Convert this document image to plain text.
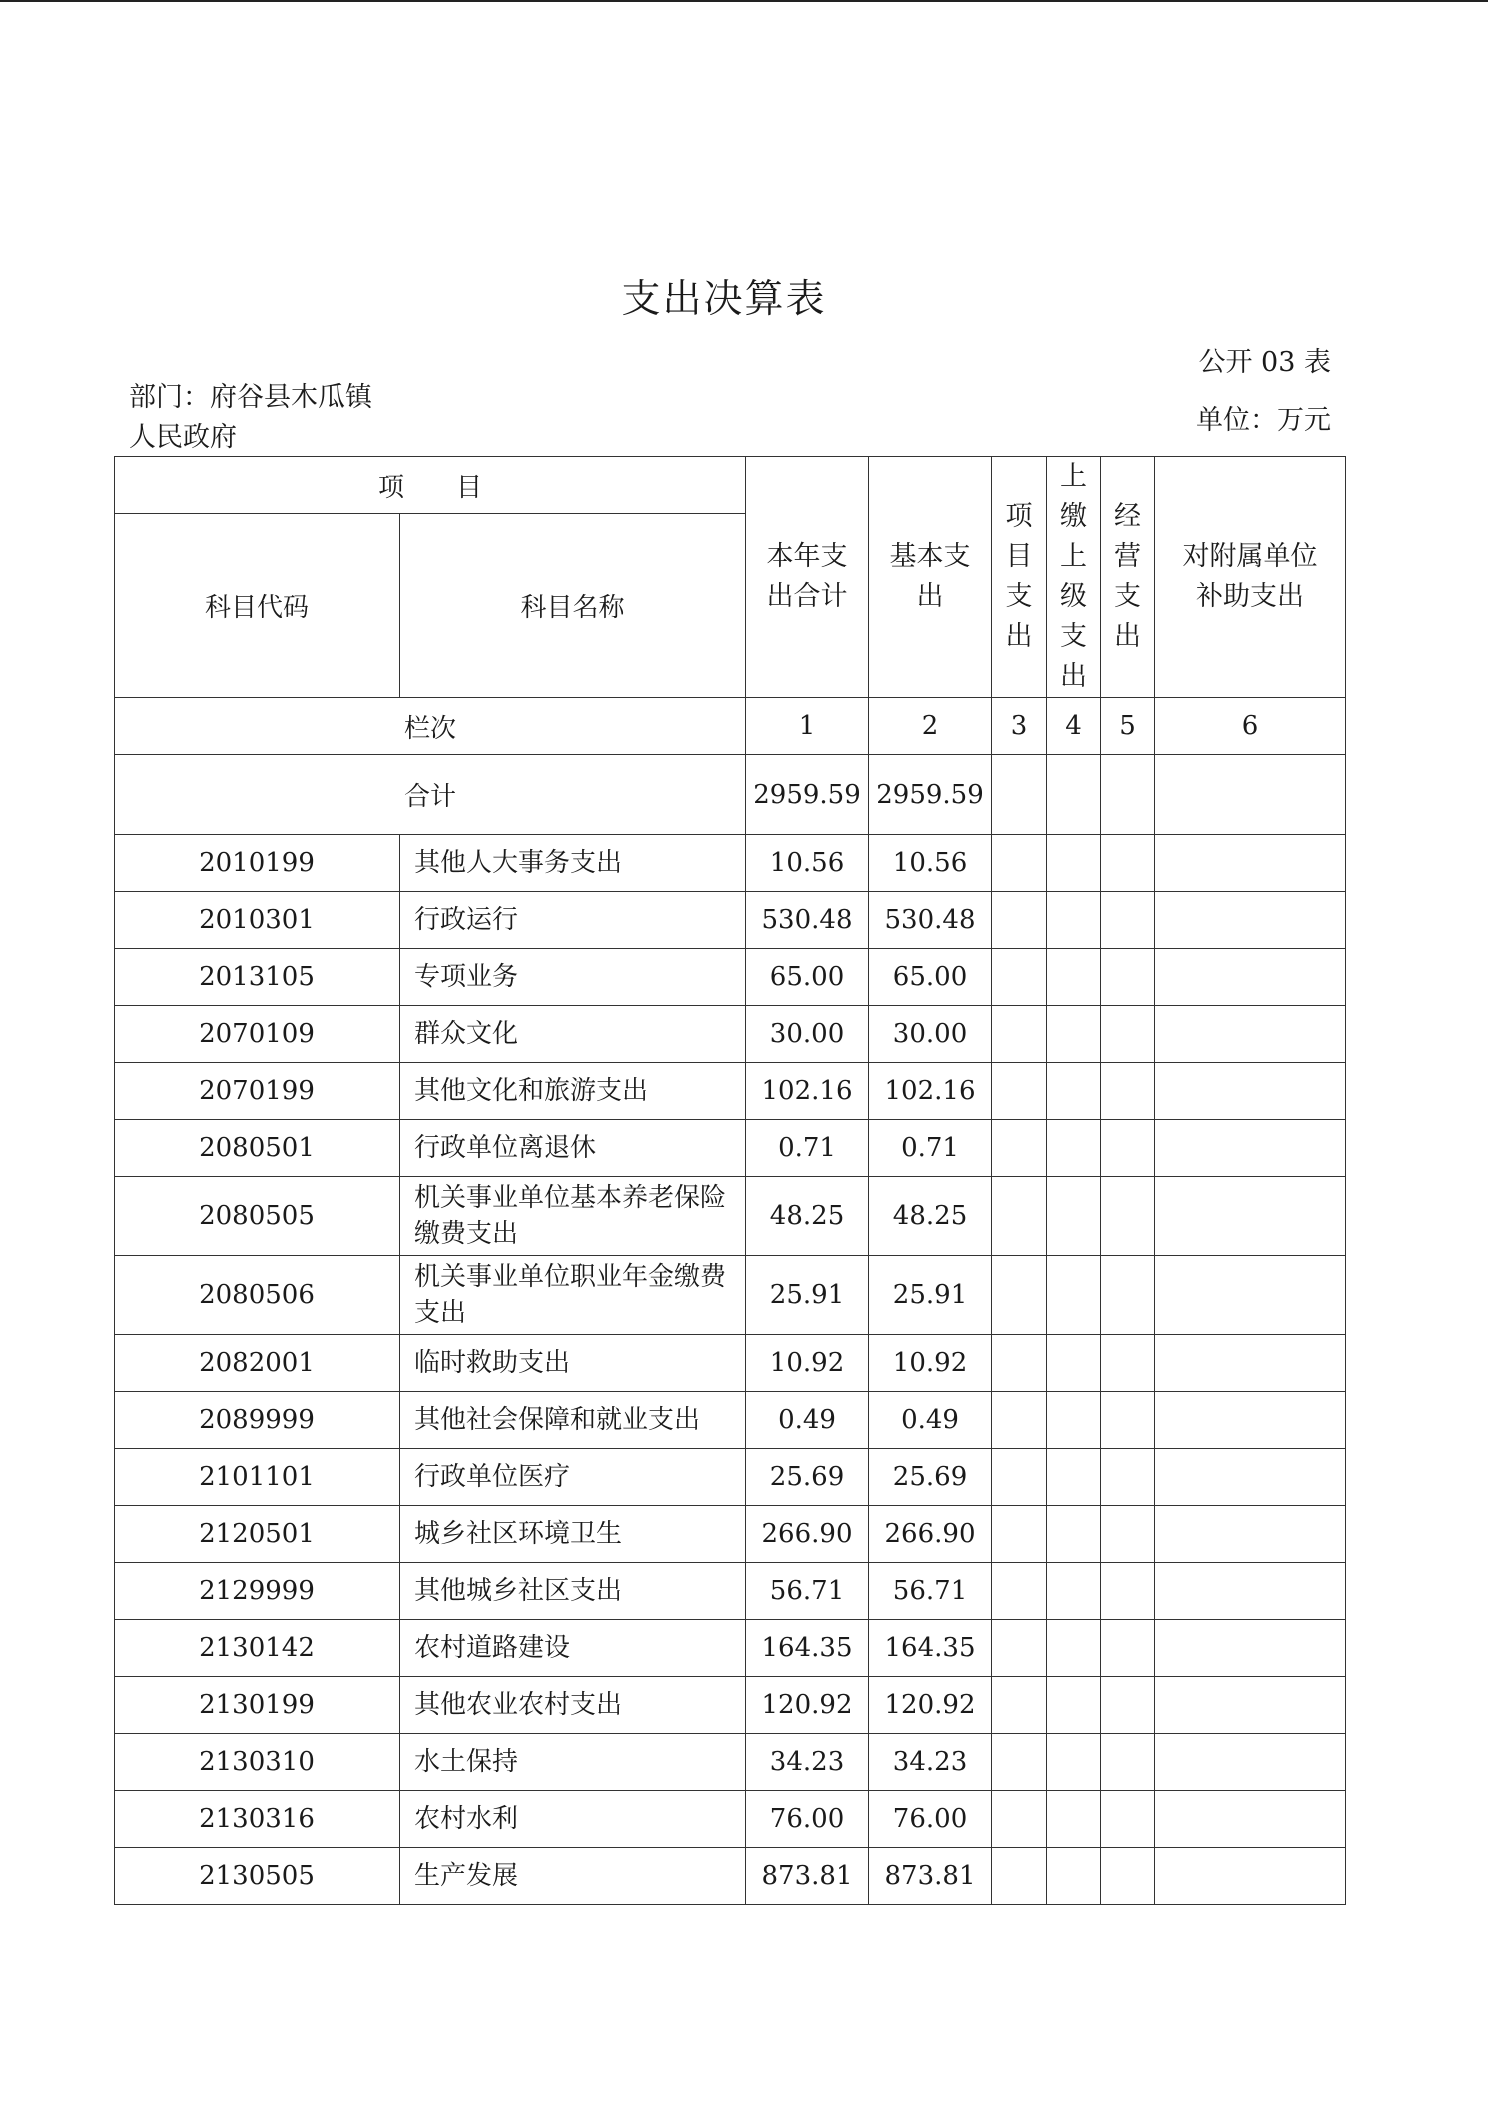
支出决算表
公开 03 表
部门：府谷县木瓜镇人民政府
单位：万元
项　　目		本年支出合计	基本支出	项目支出	上缴上级支出	经营支出	对附属单位补助支出

科目代码	科目名称						
栏次		1	2	3	4	5	6
合计		2959.59	2959.59				

2010199	其他人大事务支出	10.56	10.56				
2010301	行政运行	530.48	530.48				
2013105	专项业务	65.00	65.00				
2070109	群众文化	30.00	30.00				
2070199	其他文化和旅游支出	102.16	102.16				
2080501	行政单位离退休	0.71	0.71				
2080505	机关事业单位基本养老保险缴费支出	48.25	48.25				
2080506	机关事业单位职业年金缴费支出	25.91	25.91				
2082001	临时救助支出	10.92	10.92				
2089999	其他社会保障和就业支出	0.49	0.49				
2101101	行政单位医疗	25.69	25.69				
2120501	城乡社区环境卫生	266.90	266.90				
2129999	其他城乡社区支出	56.71	56.71				
2130142	农村道路建设	164.35	164.35				
2130199	其他农业农村支出	120.92	120.92				
2130310	水土保持	34.23	34.23				
2130316	农村水利	76.00	76.00				
2130505	生产发展	873.81	873.81				
